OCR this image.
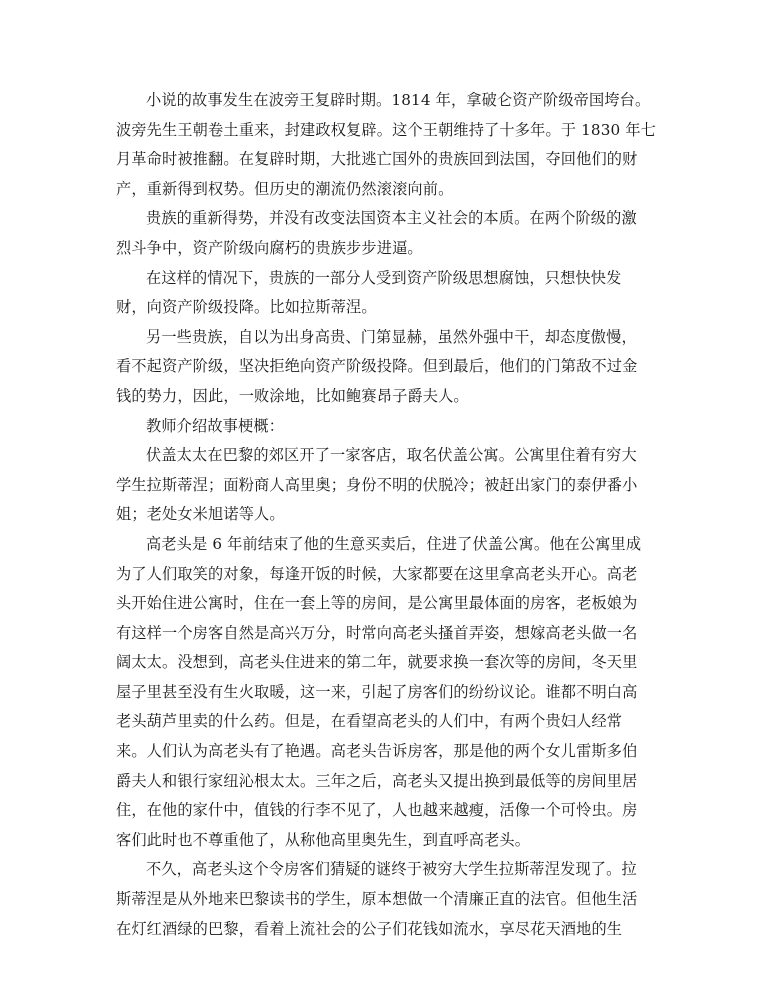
小说的故事发生在波旁王复辟时期。1814 年，拿破仑资产阶级帝国垮台。
波旁先生王朝卷土重来，封建政权复辟。这个王朝维持了十多年。于 1830 年七
月革命时被推翻。在复辟时期，大批逃亡国外的贵族回到法国，夺回他们的财
产，重新得到权势。但历史的潮流仍然滚滚向前。
贵族的重新得势，并没有改变法国资本主义社会的本质。在两个阶级的激
烈斗争中，资产阶级向腐朽的贵族步步进逼。
在这样的情况下，贵族的一部分人受到资产阶级思想腐蚀，只想快快发
财，向资产阶级投降。比如拉斯蒂涅。
另一些贵族，自以为出身高贵、门第显赫，虽然外强中干，却态度傲慢，
看不起资产阶级，坚决拒绝向资产阶级投降。但到最后，他们的门第敌不过金
钱的势力，因此，一败涂地，比如鲍赛昂子爵夫人。
教师介绍故事梗概：
伏盖太太在巴黎的郊区开了一家客店，取名伏盖公寓。公寓里住着有穷大
学生拉斯蒂涅；面粉商人高里奥；身份不明的伏脱冷；被赶出家门的泰伊番小
姐；老处女米旭诺等人。
高老头是 6 年前结束了他的生意买卖后，住进了伏盖公寓。他在公寓里成
为了人们取笑的对象，每逢开饭的时候，大家都要在这里拿高老头开心。高老
头开始住进公寓时，住在一套上等的房间，是公寓里最体面的房客，老板娘为
有这样一个房客自然是高兴万分，时常向高老头搔首弄姿，想嫁高老头做一名
阔太太。没想到，高老头住进来的第二年，就要求换一套次等的房间，冬天里
屋子里甚至没有生火取暖，这一来，引起了房客们的纷纷议论。谁都不明白高
老头葫芦里卖的什么药。但是，在看望高老头的人们中，有两个贵妇人经常
来。人们认为高老头有了艳遇。高老头告诉房客，那是他的两个女儿雷斯多伯
爵夫人和银行家纽沁根太太。三年之后，高老头又提出换到最低等的房间里居
住，在他的家什中，值钱的行李不见了，人也越来越瘦，活像一个可怜虫。房
客们此时也不尊重他了，从称他高里奥先生，到直呼高老头。
不久，高老头这个令房客们猜疑的谜终于被穷大学生拉斯蒂涅发现了。拉
斯蒂涅是从外地来巴黎读书的学生，原本想做一个清廉正直的法官。但他生活
在灯红酒绿的巴黎，看着上流社会的公子们花钱如流水，享尽花天酒地的生
